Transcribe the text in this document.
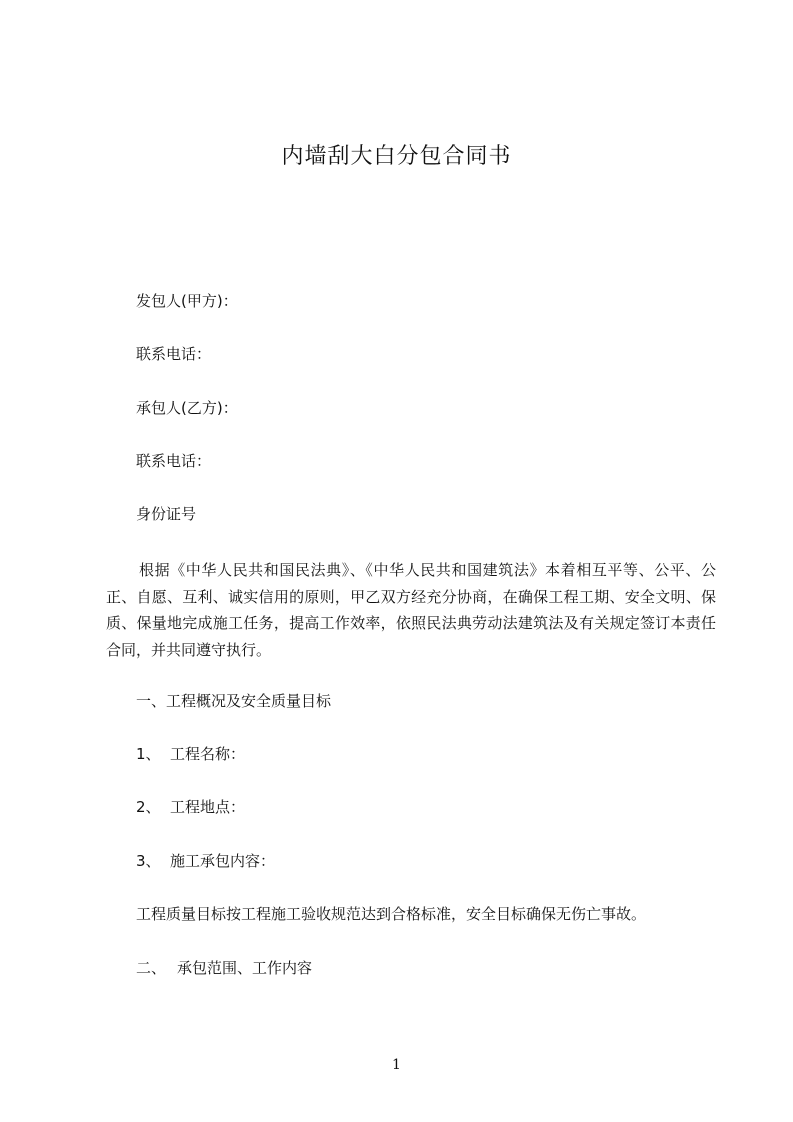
内墙刮大白分包合同书
发包人(甲方)：
联系电话：
承包人(乙方)：
联系电话：
身份证号
根据《中华人民共和国民法典》、《中华人民共和国建筑法》本着相互平等、公平、公正、自愿、互利、诚实信用的原则，甲乙双方经充分协商，在确保工程工期、安全文明、保质、保量地完成施工任务，提高工作效率，依照民法典劳动法建筑法及有关规定签订本责任合同，并共同遵守执行。
一、工程概况及安全质量目标
1、 工程名称：
2、 工程地点：
3、 施工承包内容：
工程质量目标按工程施工验收规范达到合格标准，安全目标确保无伤亡事故。
二、 承包范围、工作内容
1
